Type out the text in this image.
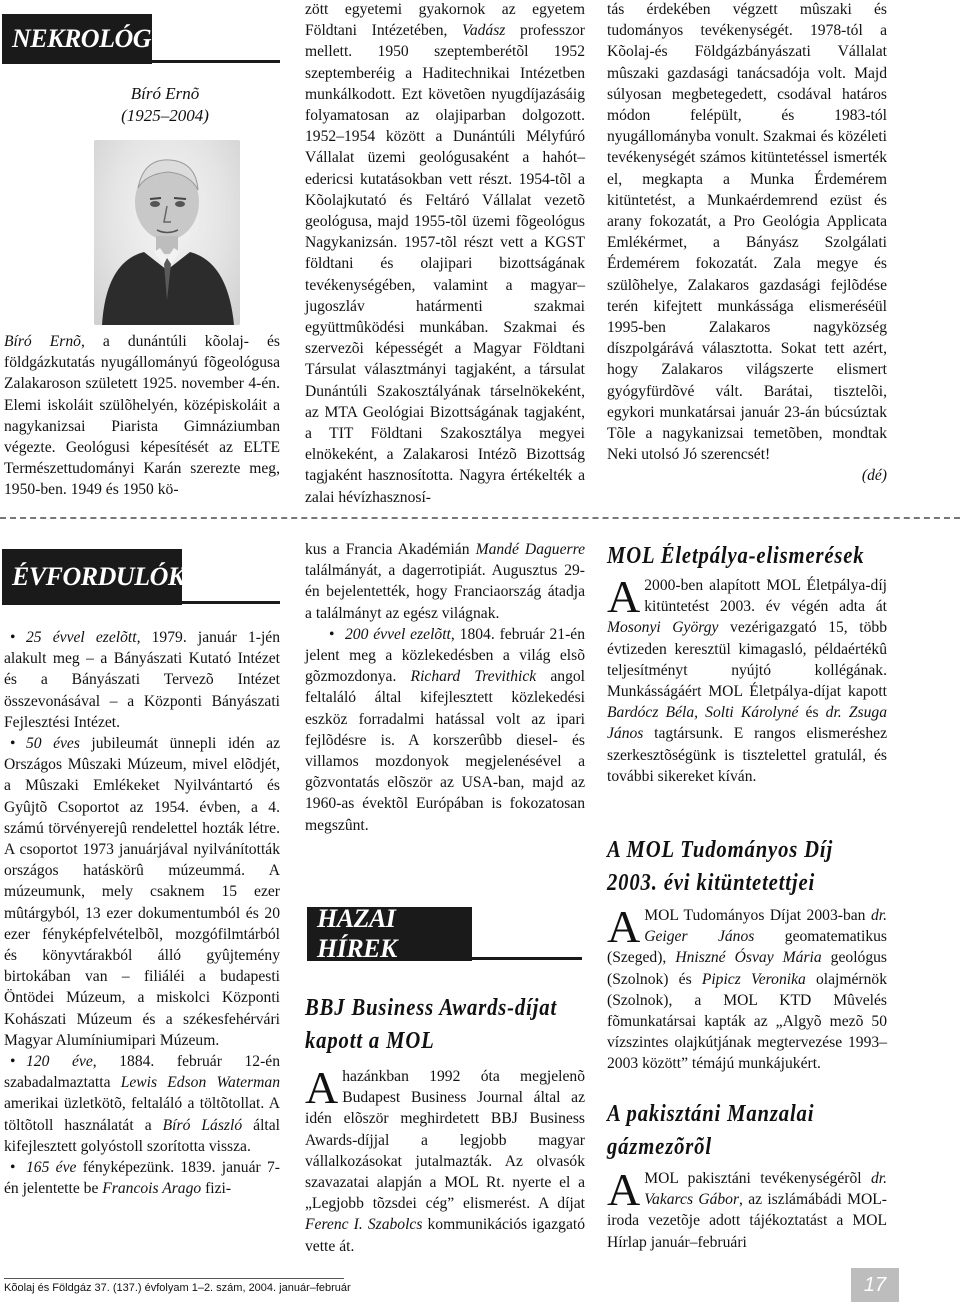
NEKROLÓG
Bíró Ernõ
(1925–2004)

Bíró Ernõ, a dunántúli kõolaj- és földgázkutatás nyugállományú fõgeológusa Zalakaroson született 1925. november 4-én. Elemi iskoláit szülõhelyén, középiskoláit a nagykanizsai Piarista Gimnáziumban végezte. Geológusi képesítését az ELTE Természettudományi Karán szerezte meg, 1950-ben. 1949 és 1950 kö-

zött egyetemi gyakornok az egyetem Földtani Intézetében, Vadász professzor mellett. 1950 szeptemberétõl 1952 szeptemberéig a Haditechnikai Intézetben munkálkodott. Ezt követõen nyugdíjazásáig folyamatosan az olajiparban dolgozott. 1952–1954 között a Dunántúli Mélyfúró Vállalat üzemi geológusaként a hahót–edericsi kutatásokban vett részt. 1954-tõl a Kõolajkutató és Feltáró Vállalat vezetõ geológusa, majd 1955-tõl üzemi fõgeológus Nagykanizsán. 1957-tõl részt vett a KGST földtani és olajipari bizottságának tevékenységében, valamint a magyar–jugoszláv határmenti szakmai együttmûködési munkában. Szakmai és szervezõi képességét a Magyar Földtani Társulat választmányi tagjaként, a társulat Dunántúli Szakosztályának társelnökeként, az MTA Geológiai Bizottságának tagjaként, a TIT Földtani Szakosztálya megyei elnökeként, a Zalakarosi Intézõ Bizottság tagjaként hasznosította. Nagyra értékelték a zalai hévízhasznosí-

tás érdekében végzett mûszaki és tudományos tevékenységét. 1978-tól a Kõolaj-és Földgázbányászati Vállalat mûszaki gazdasági tanácsadója volt. Majd súlyosan megbetegedett, csodával határos módon felépült, és 1983-tól nyugállományba vonult. Szakmai és közéleti tevékenységét számos kitüntetéssel ismerték el, megkapta a Munka Érdemérem kitüntetést, a Munkaérdemrend ezüst és arany fokozatát, a Pro Geológia Applicata Emlékérmet, a Bányász Szolgálati Érdemérem fokozatát. Zala megye és szülõhelye, Zalakaros gazdasági fejlõdése terén kifejtett munkássága elismeréséül 1995-ben Zalakaros nagyközség díszpolgárává választotta. Sokat tett azért, hogy Zalakaros világszerte elismert gyógyfürdõvé vált. Barátai, tisztelõi, egykori munkatársai január 23-án búcsúztak Tõle a nagykanizsai temetõben, mondtak Neki utolsó Jó szerencsét!

(dé)

ÉVFORDULÓK

• 25 évvel ezelõtt, 1979. január 1-jén alakult meg – a Bányászati Kutató Intézet és a Bányászati Tervezõ Intézet összevonásával – a Központi Bányászati Fejlesztési Intézet.

• 50 éves jubileumát ünnepli idén az Országos Mûszaki Múzeum, mivel elõdjét, a Mûszaki Emlékeket Nyilvántartó és Gyûjtõ Csoportot az 1954. évben, a 4. számú törvényerejû rendelettel hozták létre. A csoportot 1973 januárjával nyilvánították országos hatáskörû múzeummá. A múzeumunk, mely csaknem 15 ezer mûtárgyból, 13 ezer dokumentumból és 20 ezer fényképfelvételbõl, mozgófilmtárból és könyvtárakból álló gyûjtemény birtokában van – filiáléi a budapesti Öntödei Múzeum, a miskolci Központi Kohászati Múzeum és a székesfehérvári Magyar Alumíniumipari Múzeum.

• 120 éve, 1884. február 12-én szabadalmaztatta Lewis Edson Waterman amerikai üzletkötõ, feltaláló a töltõtollat. A töltõtoll használatát a Bíró László által kifejlesztett golyóstoll szorította vissza.

• 165 éve fényképezünk. 1839. január 7-én jelentette be Francois Arago fizi-

kus a Francia Akadémián Mandé Daguerre találmányát, a dagerrotipiát. Augusztus 29-én bejelentették, hogy Franciaország átadja a találmányt az egész világnak.

• 200 évvel ezelõtt, 1804. február 21-én jelent meg a közlekedésben a világ elsõ gõzmozdonya. Richard Trevithick angol feltaláló által kifejlesztett közlekedési eszköz forradalmi hatással volt az ipari fejlõdésre is. A korszerûbb diesel- és villamos mozdonyok megjelenésével a gõzvontatás elõször az USA-ban, majd az 1960-as évektõl Európában is fokozatosan megszûnt.

HAZAI HÍREK
BBJ Business Awards-díjat
kapott a MOL

A hazánkban 1992 óta megjelenõ Budapest Business Journal által az idén elõször meghirdetett BBJ Business Awards-díjjal a legjobb magyar vállalkozásokat jutalmazták. Az olvasók szavazatai alapján a MOL Rt. nyerte el a „Legjobb tõzsdei cég” elismerést. A díjat Ferenc I. Szabolcs kommunikációs igazgató vette át.

MOL Életpálya-elismerések

A 2000-ben alapított MOL Életpálya-díj kitüntetést 2003. év végén adta át Mosonyi György vezérigazgató 15, több évtizeden keresztül kimagasló, példaértékû teljesítményt nyújtó kollégának. Munkásságáért MOL Életpálya-díjat kapott Bardócz Béla, Solti Károlyné és dr. Zsuga János tagtársunk. E rangos elismeréshez szerkesztõségünk is tisztelettel gratulál, és további sikereket kíván.

A MOL Tudományos Díj
2003. évi kitüntetettjei

A MOL Tudományos Díjat 2003-ban dr. Geiger János geomatematikus (Szeged), Hniszné Ósvay Mária geológus (Szolnok) és Pipicz Veronika olajmérnök (Szolnok), a MOL KTD Mûvelés fõmunkatársai kapták az „Algyõ mezõ 50 vízszintes olajkútjának megtervezése 1993–2003 között” témájú munkájukért.

A pakisztáni Manzalai
gázmezõrõl

A MOL pakisztáni tevékenységérõl dr. Vakarcs Gábor, az iszlámábádi MOL-iroda vezetõje adott tájékoztatást a MOL Hírlap január–februári

Kõolaj és Földgáz 37. (137.) évfolyam 1–2. szám, 2004. január–február	17
